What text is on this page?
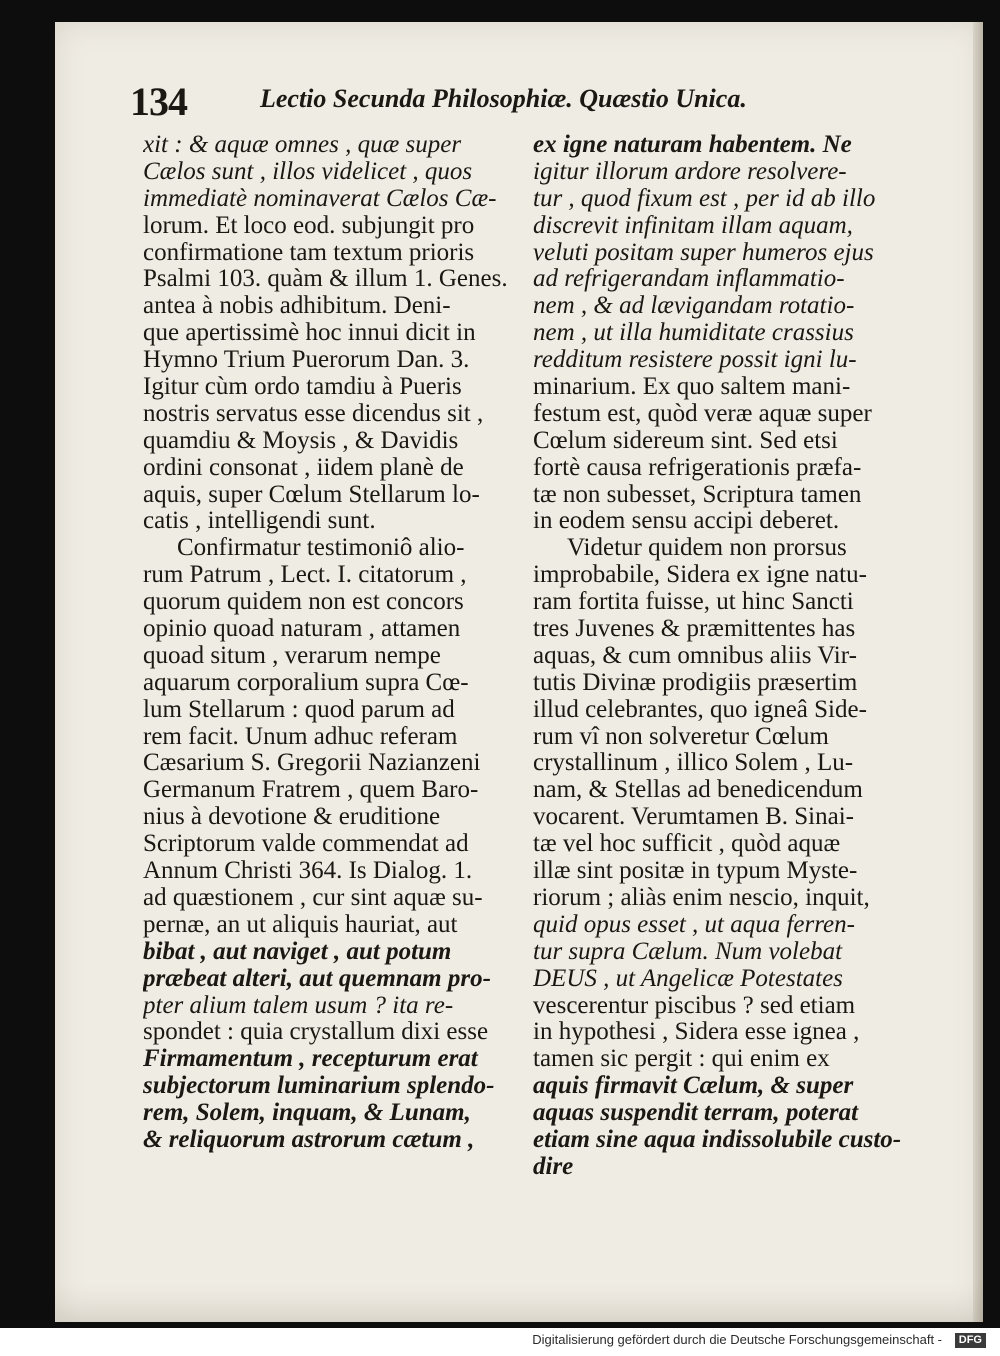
134	Lectio Secunda Philosophiæ. Quæstio Unica.
xit : & aquæ omnes , quæ super
Cælos sunt , illos videlicet , quos
immediatè nominaverat Cælos Cæ-
lorum. Et loco eod. subjungit pro
confirmatione tam textum prioris
Psalmi 103. quàm & illum 1. Genes.
antea à nobis adhibitum. Deni-
que apertissimè hoc innui dicit in
Hymno Trium Puerorum Dan. 3.
Igitur cùm ordo tamdiu à Pueris
nostris servatus esse dicendus sit ,
quamdiu & Moysis , & Davidis
ordini consonat , iidem planè de
aquis, super Cœlum Stellarum lo-
catis , intelligendi sunt.
Confirmatur testimoniô alio-
rum Patrum , Lect. I. citatorum ,
quorum quidem non est concors
opinio quoad naturam , attamen
quoad situm , verarum nempe
aquarum corporalium supra Cœ-
lum Stellarum : quod parum ad
rem facit. Unum adhuc referam
Cæsarium S. Gregorii Nazianzeni
Germanum Fratrem , quem Baro-
nius à devotione & eruditione
Scriptorum valde commendat ad
Annum Christi 364. Is Dialog. 1.
ad quæstionem , cur sint aquæ su-
pernæ, an ut aliquis hauriat, aut
bibat , aut naviget , aut potum
præbeat alteri, aut quemnam pro-
pter alium talem usum ? ita re-
spondet : quia crystallum dixi esse
Firmamentum , recepturum erat
subjectorum luminarium splendo-
rem, Solem, inquam, & Lunam,
& reliquorum astrorum cætum ,
ex igne naturam habentem. Ne
igitur illorum ardore resolvere-
tur , quod fixum est , per id ab illo
discrevit infinitam illam aquam,
veluti positam super humeros ejus
ad refrigerandam inflammatio-
nem , & ad lævigandam rotatio-
nem , ut illa humiditate crassius
redditum resistere possit igni lu-
minarium. Ex quo saltem mani-
festum est, quòd veræ aquæ super
Cœlum sidereum sint. Sed etsi
fortè causa refrigerationis præfa-
tæ non subesset, Scriptura tamen
in eodem sensu accipi deberet.
Videtur quidem non prorsus
improbabile, Sidera ex igne natu-
ram fortita fuisse, ut hinc Sancti
tres Juvenes & præmittentes has
aquas, & cum omnibus aliis Vir-
tutis Divinæ prodigiis præsertim
illud celebrantes, quo igneâ Side-
rum vî non solveretur Cœlum
crystallinum , illico Solem , Lu-
nam, & Stellas ad benedicendum
vocarent. Verumtamen B. Sinai-
tæ vel hoc sufficit , quòd aquæ
illæ sint positæ in typum Myste-
riorum ; aliàs enim nescio, inquit,
quid opus esset , ut aqua ferren-
tur supra Cælum. Num volebat
DEUS , ut Angelicæ Potestates
vescerentur piscibus ? sed etiam
in hypothesi , Sidera esse ignea ,
tamen sic pergit : qui enim ex
aquis firmavit Cælum, & super
aquas suspendit terram, poterat
etiam sine aqua indissolubile custo-
dire
Digitalisierung gefördert durch die Deutsche Forschungsgemeinschaft -	DFG
